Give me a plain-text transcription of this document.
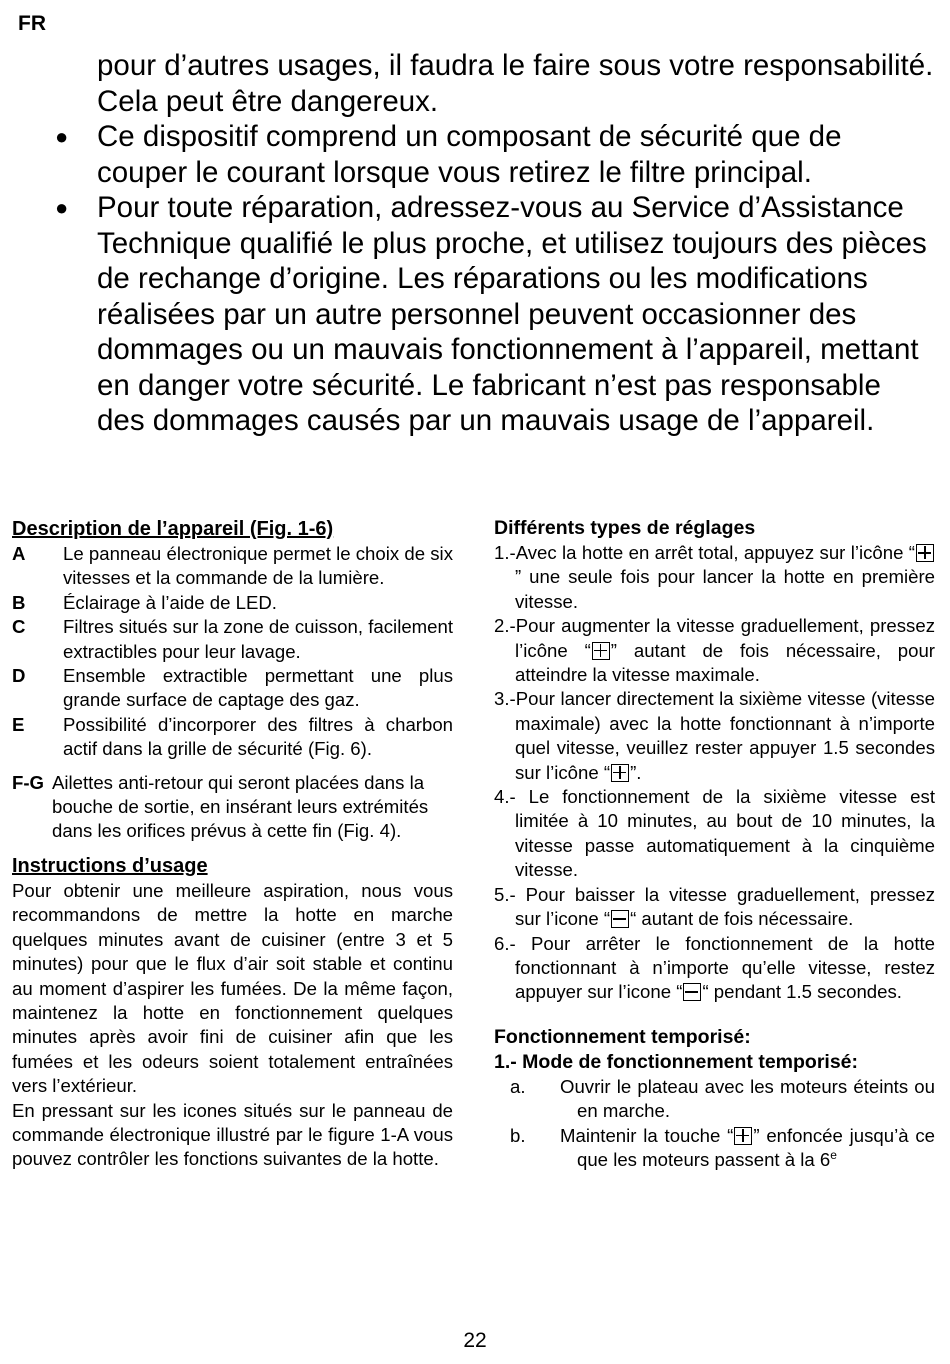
FR
pour d’autres usages, il faudra le faire sous votre responsabilité. Cela peut être dangereux.
● Ce dispositif comprend un composant de sécurité que de couper le courant lorsque vous retirez le filtre principal.
● Pour toute réparation, adressez-vous au Service d’Assistance Technique qualifié le plus proche, et utilisez toujours des pièces de rechange d’origine. Les réparations ou les modifications réalisées par un autre personnel peuvent occasionner des dommages ou un mauvais fonctionnement à l’appareil, mettant en danger votre sécurité. Le fabricant n’est pas responsable des dommages causés par un mauvais usage de l’appareil.
Description de l’appareil (Fig. 1-6)
A	Le panneau électronique permet le choix de six vitesses et la commande de la lumière.
B	Éclairage à l’aide de LED.
C	Filtres situés sur la zone de cuisson, facilement extractibles pour leur lavage.
D	Ensemble extractible permettant une plus grande surface de captage des gaz.
E	Possibilité d’incorporer des filtres à charbon actif dans la grille de sécurité (Fig. 6).
F-G Ailettes anti-retour qui seront placées dans la bouche de sortie, en insérant leurs extrémités dans les orifices prévus à cette fin (Fig. 4).
Instructions d’usage
Pour obtenir une meilleure aspiration, nous vous recommandons de mettre la hotte en marche quelques minutes avant de cuisiner (entre 3 et 5 minutes) pour que le flux d’air soit stable et continu au moment d’aspirer les fumées. De la même façon, maintenez la hotte en fonctionnement quelques minutes après avoir fini de cuisiner afin que les fumées et les odeurs soient totalement entraînées vers l’extérieur.
En pressant sur les icones situés sur le panneau de commande électronique illustré par le figure 1-A vous pouvez contrôler les fonctions suivantes de la hotte.
Différents types de réglages
1.-Avec la hotte en arrêt total, appuyez sur l’icône “” une seule fois pour lancer la hotte en première vitesse.
2.-Pour augmenter la vitesse graduellement, pressez l’icône “ ” autant de fois nécessaire, pour atteindre la vitesse maximale.
3.-Pour lancer directement la sixième vitesse (vitesse maximale) avec la hotte fonctionnant à n’importe quel vitesse, veuillez rester appuyer 1.5 secondes sur l’icône “ ”.
4.- Le fonctionnement de la sixième vitesse est limitée à 10 minutes, au bout de 10 minutes, la vitesse passe automatiquement à la cinquième vitesse.
5.- Pour baisser la vitesse graduellement, pressez sur l’icone “ “ autant de fois nécessaire.
6.- Pour arrêter le fonctionnement de la hotte fonctionnant à n’importe qu’elle vitesse, restez appuyer sur l’icone “ “ pendant 1.5 secondes.
Fonctionnement temporisé:
1.- Mode de fonctionnement temporisé:
a. Ouvrir le plateau avec les moteurs éteints ou en marche.
b. Maintenir la touche “ ” enfoncée jusqu’à ce que les moteurs passent à la 6e
22
